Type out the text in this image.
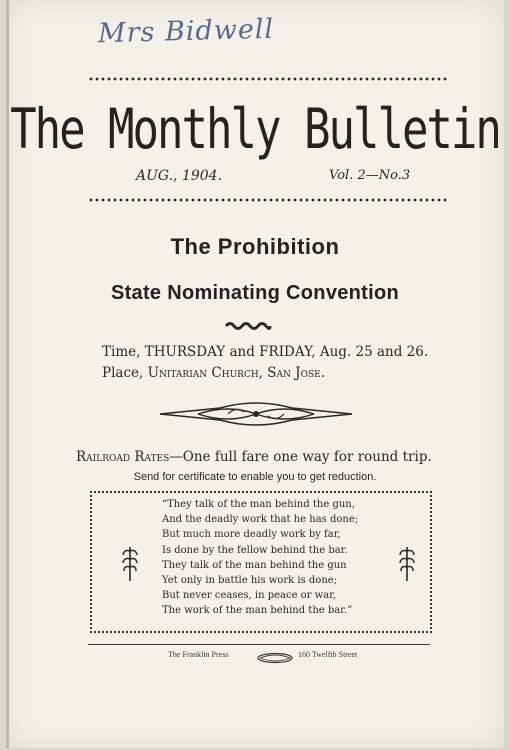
Mrs Bidwell
The Monthly Bulletin
AUG., 1904.	Vol. 2—No.3
The Prohibition
State Nominating Convention
Time, THURSDAY and FRIDAY, Aug. 25 and 26.
Place, Unitarian Church, San Jose.
Railroad Rates—One full fare one way for round trip.
Send for certificate to enable you to get reduction.
“They talk of the man behind the gun,
And the deadly work that he has done;
But much more deadly work by far,
Is done by the fellow behind the bar.
They talk of the man behind the gun
Yet only in battle his work is done;
But never ceases, in peace or war,
The work of the man behind the bar.”
The Franklin Press	160 Twelfth Street
